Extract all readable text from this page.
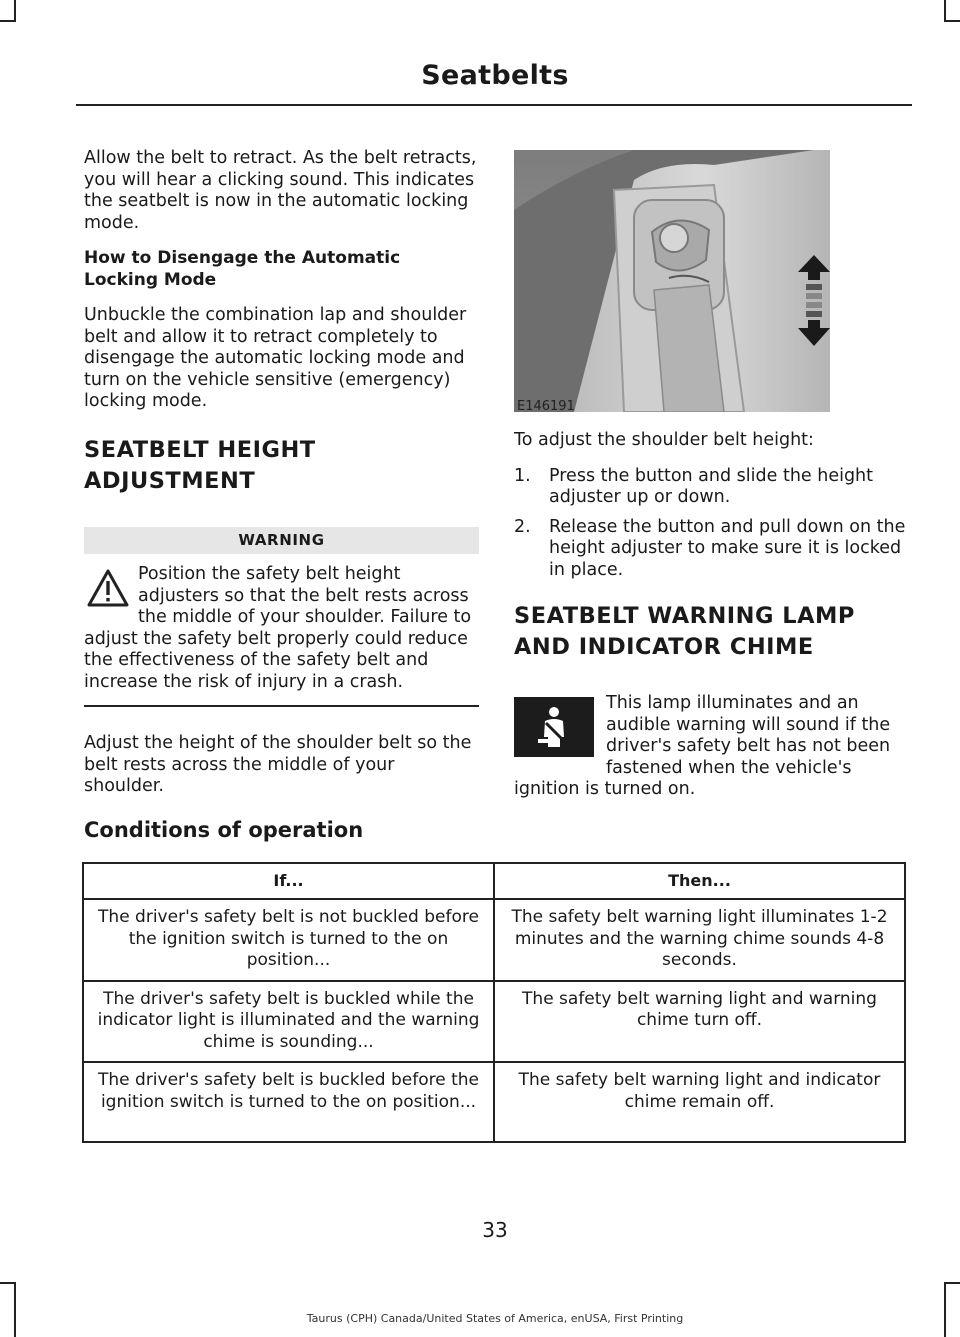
Seatbelts

Allow the belt to retract. As the belt retracts, you will hear a clicking sound. This indicates the seatbelt is now in the automatic locking mode.

How to Disengage the Automatic Locking Mode

Unbuckle the combination lap and shoulder belt and allow it to retract completely to disengage the automatic locking mode and turn on the vehicle sensitive (emergency) locking mode.

SEATBELT HEIGHT
ADJUSTMENT
WARNING
Position the safety belt height adjusters so that the belt rests across the middle of your shoulder. Failure to adjust the safety belt properly could reduce the effectiveness of the safety belt and increase the risk of injury in a crash.

Adjust the height of the shoulder belt so the belt rests across the middle of your shoulder.

E146191

To adjust the shoulder belt height:

1. Press the button and slide the height adjuster up or down.
2. Release the button and pull down on the height adjuster to make sure it is locked in place.
SEATBELT WARNING LAMP
AND INDICATOR CHIME
This lamp illuminates and an audible warning will sound if the driver's safety belt has not been fastened when the vehicle's ignition is turned on.
Conditions of operation
If...	Then...
The driver's safety belt is not buckled before the ignition switch is turned to the on position...	The safety belt warning light illuminates 1-2 minutes and the warning chime sounds 4-8 seconds.
The driver's safety belt is buckled while the indicator light is illuminated and the warning chime is sounding...	The safety belt warning light and warning chime turn off.
The driver's safety belt is buckled before the ignition switch is turned to the on position...	The safety belt warning light and indicator chime remain off.
33
Taurus (CPH) Canada/United States of America, enUSA, First Printing
